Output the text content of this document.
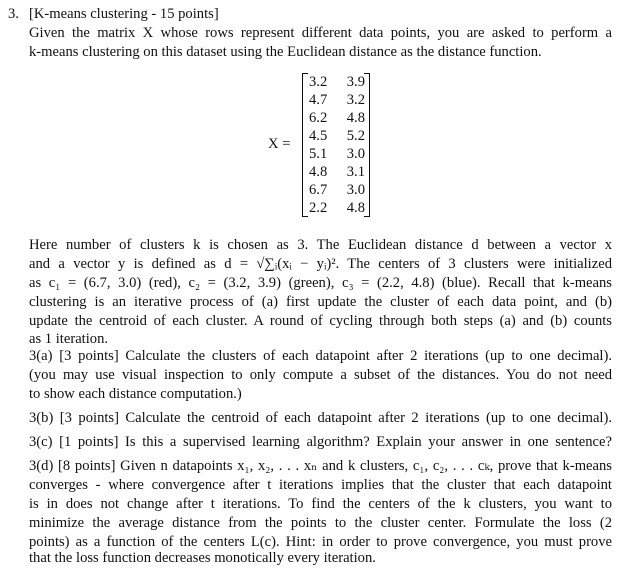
3. [K-means clustering - 15 points]
Given the matrix X whose rows represent different data points, you are asked to perform a
k-means clustering on this dataset using the Euclidean distance as the distance function.
X =
3.2 3.9
4.7 3.2
6.2 4.8
4.5 5.2
5.1 3.0
4.8 3.1
6.7 3.0
2.2 4.8
Here number of clusters k is chosen as 3. The Euclidean distance d between a vector x
and a vector y is defined as d = √∑ᵢ(xᵢ − yᵢ)². The centers of 3 clusters were initialized
as c₁ = (6.7, 3.0) (red), c₂ = (3.2, 3.9) (green), c₃ = (2.2, 4.8) (blue). Recall that k-means
clustering is an iterative process of (a) first update the cluster of each data point, and (b)
update the centroid of each cluster. A round of cycling through both steps (a) and (b) counts
as 1 iteration.
3(a) [3 points] Calculate the clusters of each datapoint after 2 iterations (up to one decimal).
(you may use visual inspection to only compute a subset of the distances. You do not need
to show each distance computation.)
3(b) [3 points] Calculate the centroid of each datapoint after 2 iterations (up to one decimal).
3(c) [1 points] Is this a supervised learning algorithm? Explain your answer in one sentence?
3(d) [8 points] Given n datapoints x₁, x₂, . . . xₙ and k clusters, c₁, c₂, . . . cₖ, prove that k-means
converges - where convergence after t iterations implies that the cluster that each datapoint
is in does not change after t iterations. To find the centers of the k clusters, you want to
minimize the average distance from the points to the cluster center. Formulate the loss (2
points) as a function of the centers L(c). Hint: in order to prove convergence, you must prove
that the loss function decreases monotically every iteration.
